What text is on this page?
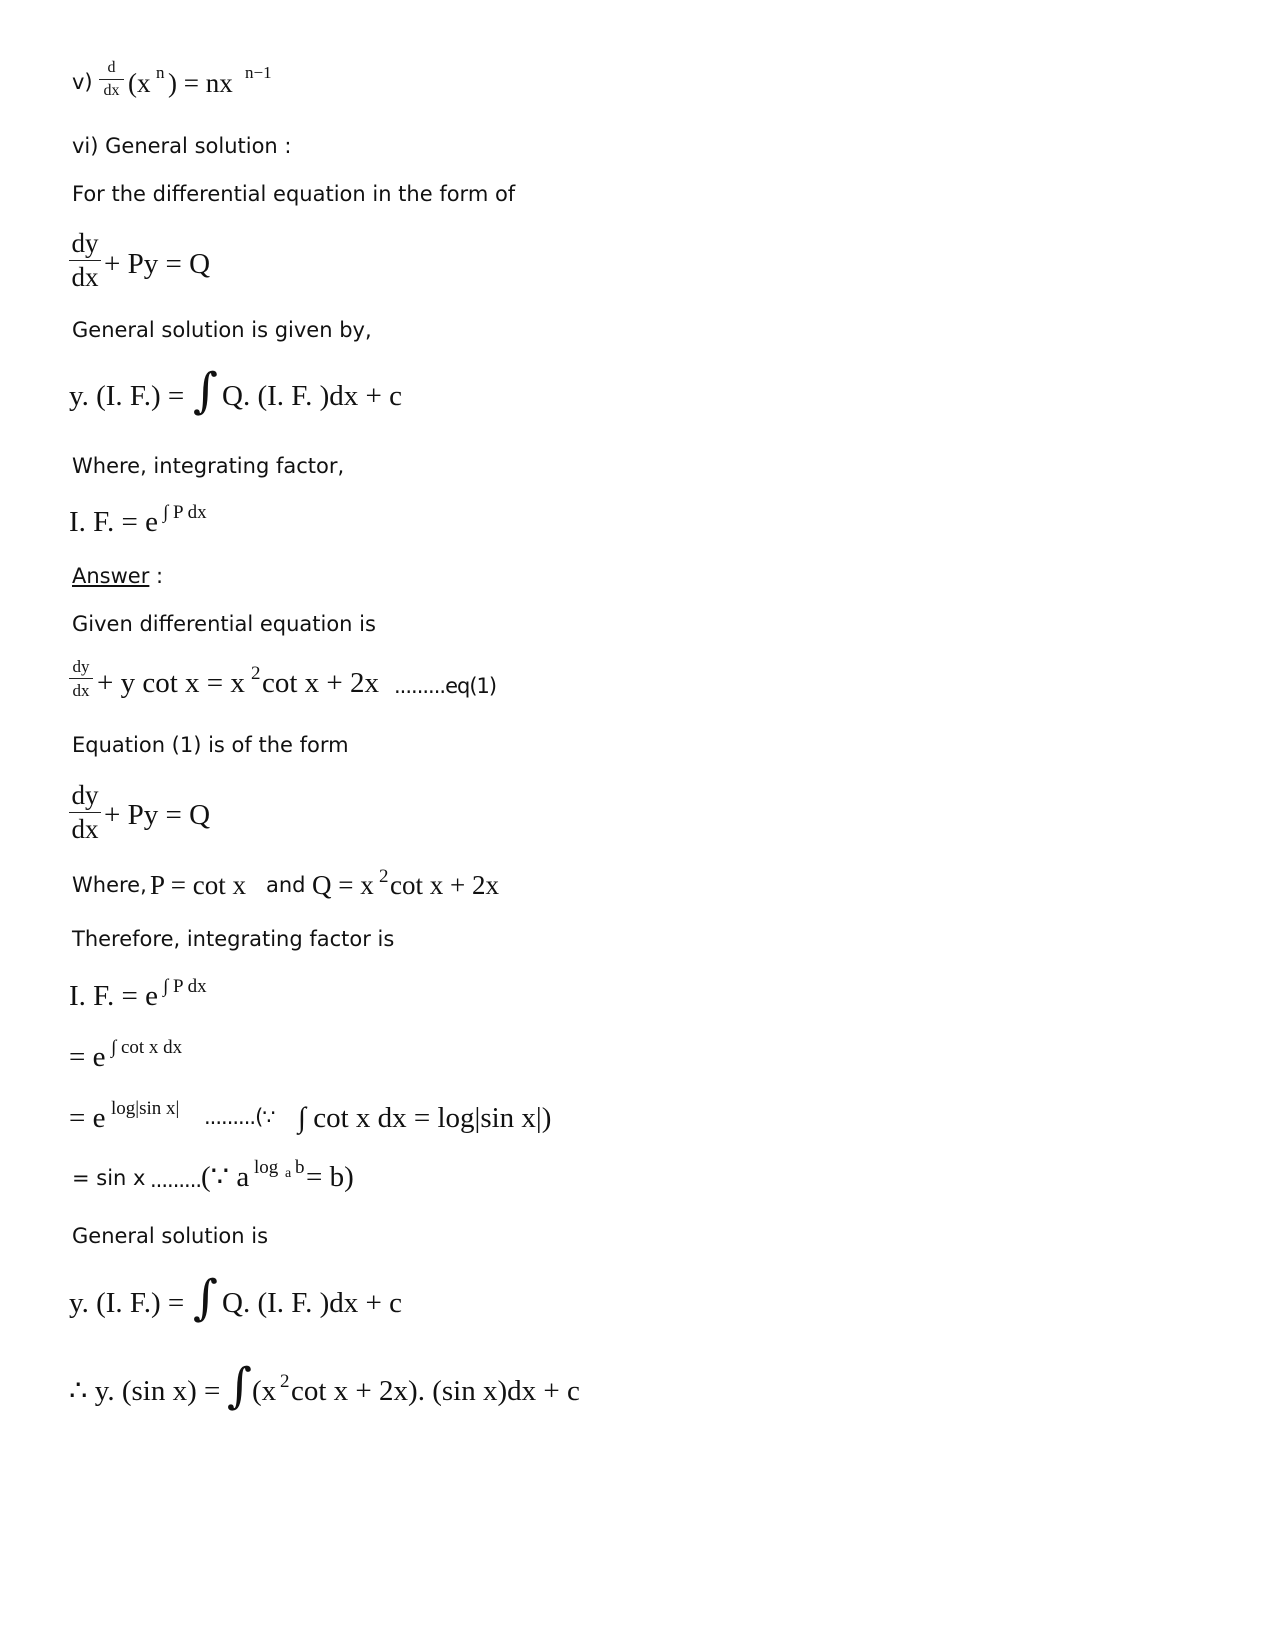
v)
d
dx (x n ) = nx n−1
vi) General solution :
For the differential equation in the form of
dy
dx + Py = Q
General solution is given by,
y. (I. F.) = ∫ Q. (I. F. )dx + c
Where, integrating factor,
I. F. = e ∫ P dx
Answer :
Given differential equation is
dy
dx + y cot x = x 2 cot x + 2x .........eq(1)
Equation (1) is of the form
dy
dx + Py = Q
Where, P = cot x and Q = x 2 cot x + 2x
Therefore, integrating factor is
I. F. = e ∫ P dx
= e ∫ cot x dx
= e log|sin x| .........(∵ ∫ cot x dx = log|sin x|)
= sin x ......... (∵ a log a b = b)
General solution is
y. (I. F.) = ∫ Q. (I. F. )dx + c
∴ y. (sin x) = ∫ (x 2 cot x + 2x). (sin x)dx + c
